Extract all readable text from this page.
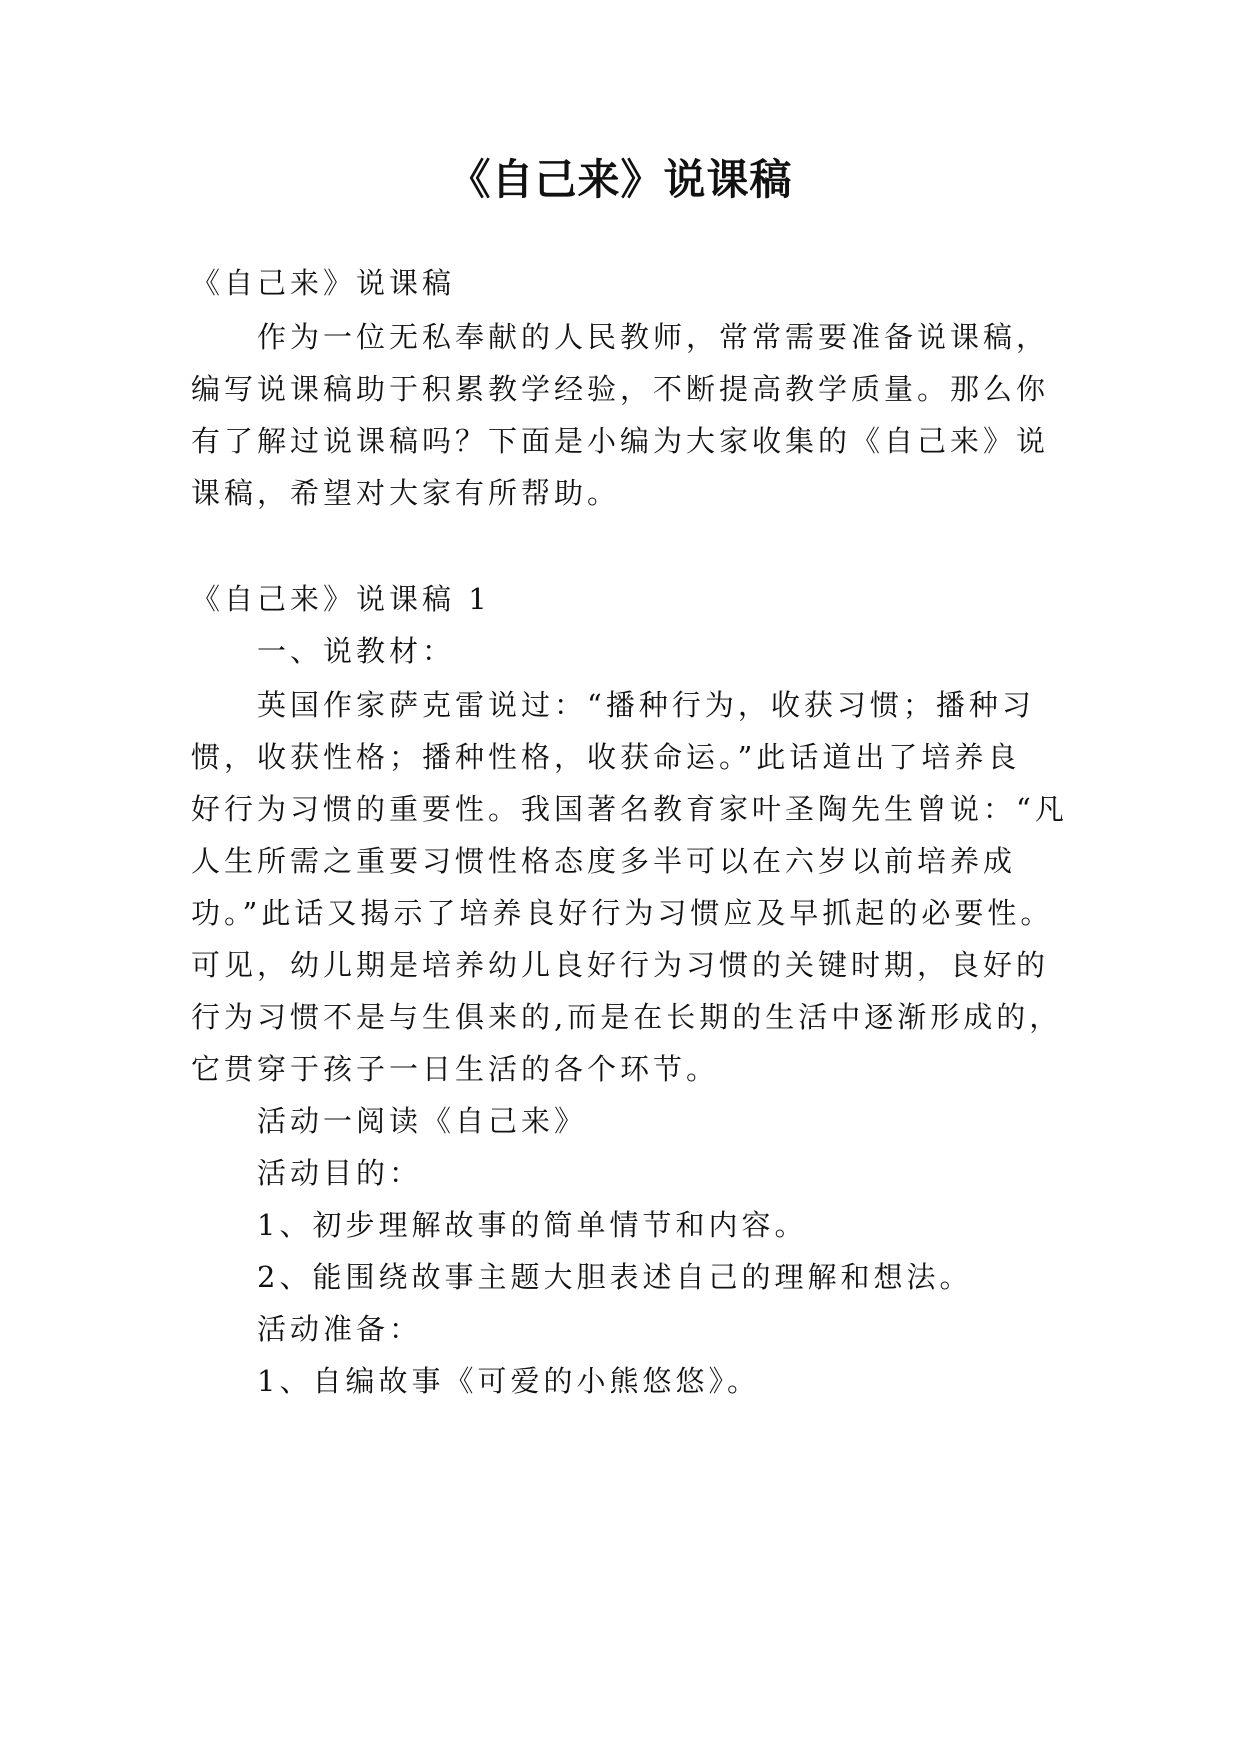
《自己来》说课稿

《自己来》说课稿

作为一位无私奉献的人民教师，常常需要准备说课稿，

编写说课稿助于积累教学经验，不断提高教学质量。那么你

有了解过说课稿吗？下面是小编为大家收集的《自己来》说

课稿，希望对大家有所帮助。

《自己来》说课稿 1

一、说教材：

英国作家萨克雷说过：“播种行为，收获习惯；播种习

惯，收获性格；播种性格，收获命运。”此话道出了培养良

好行为习惯的重要性。我国著名教育家叶圣陶先生曾说：“凡

人生所需之重要习惯性格态度多半可以在六岁以前培养成

功。”此话又揭示了培养良好行为习惯应及早抓起的必要性。

可见，幼儿期是培养幼儿良好行为习惯的关键时期，良好的

行为习惯不是与生俱来的,而是在长期的生活中逐渐形成的，

它贯穿于孩子一日生活的各个环节。

活动一阅读《自己来》

活动目的：

1、初步理解故事的简单情节和内容。

2、能围绕故事主题大胆表述自己的理解和想法。

活动准备：

1、自编故事《可爱的小熊悠悠》。
